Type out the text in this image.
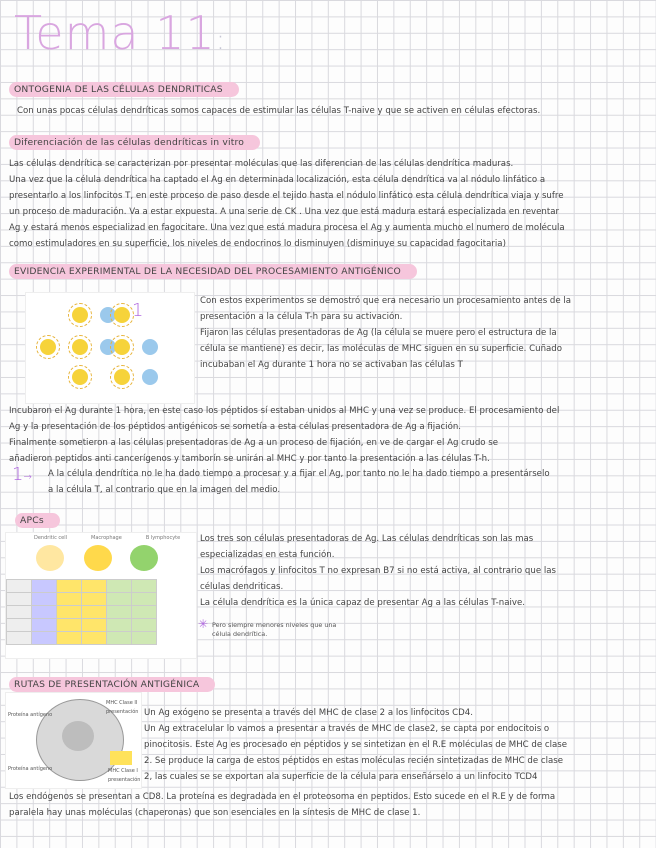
Tema 11:
ONTOGENIA DE LAS CÉLULAS DENDRITICAS
Con unas pocas células dendríticas somos capaces de estimular las células T-naive y que se activen en células efectoras.
Diferenciación de las células dendríticas in vitro
Las células dendrítica se caracterizan por presentar moléculas que las diferencian de las células dendrítica maduras.
Una vez que la célula dendrítica ha captado el Ag en determinada localización, esta célula dendrítica va al nódulo linfático a
presentarlo a los linfocitos T, en este proceso de paso desde el tejido hasta el nódulo linfático esta célula dendrítica viaja y sufre
un proceso de maduración. Va a estar expuesta. A una serie de CK . Una vez que está madura estará especializada en reventar
Ag y estará menos especializad en fagocitare. Una vez que está madura procesa el Ag y aumenta mucho el numero de molécula
como estimuladores en su superficie, los niveles de endocrinos lo disminuyen (disminuye su capacidad fagocitaria)
EVIDENCIA EXPERIMENTAL DE LA NECESIDAD DEL PROCESAMIENTO ANTIGÉNICO
1	Con estos experimentos se demostró que era necesario un procesamiento antes de la
presentación a la célula T-h para su activación.
Fijaron las células presentadoras de Ag (la célula se muere pero el estructura de la
célula se mantiene) es decir, las moléculas de MHC siguen en su superficie. Cuñado
incubaban el Ag durante 1 hora no se activaban las células T
Incubaron el Ag durante 1 hora, en este caso los péptidos sí estaban unidos al MHC y una vez se produce. El procesamiento del
Ag y la presentación de los péptidos antigénicos se sometía a esta células presentadora de Ag a fijación.
Finalmente sometieron a las células presentadoras de Ag a un proceso de fijación, en ve de cargar el Ag crudo se
añadieron peptidos anti cancerígenos y tamborín se unirán al MHC y por tanto la presentación a las células T-h.
1→ A la célula dendrítica no le ha dado tiempo a procesar y a fijar el Ag, por tanto no le ha dado tiempo a presentárselo
a la célula T, al contrario que en la imagen del medio.
APCs
Dendritic cell	Macrophage	B lymphocyte

					Los tres son células presentadoras de Ag. Las células dendríticas son las mas
especializadas en esta función.
Los macrófagos y linfocitos T no expresan B7 si no está activa, al contrario que las
células dendriticas.
La célula dendrítica es la única capaz de presentar Ag a las células T-naive.
✳ Pero siempre menores niveles que una
célula dendrítica.
RUTAS DE PRESENTACIÓN ANTIGÉNICA
Proteína antígeno
Proteína antígeno
MHC Clase II presentación
MHC Clase I presentación
Un Ag exógeno se presenta a través del MHC de clase 2 a los linfocitos CD4.
Un Ag extracelular lo vamos a presentar a través de MHC de clase2, se capta por endocitois o
pinocitosis. Este Ag es procesado en péptidos y se sintetizan en el R.E moléculas de MHC de clase
2. Se produce la carga de estos péptidos en estas moléculas recién sintetizadas de MHC de clase
2, las cuales se se exportan ala superficie de la célula para enseñárselo a un linfocito TCD4
Los endógenos se presentan a CD8. La proteína es degradada en el proteosoma en peptidos. Esto sucede en el R.E y de forma
paralela hay unas moléculas (chaperonas) que son esenciales en la síntesis de MHC de clase 1.
